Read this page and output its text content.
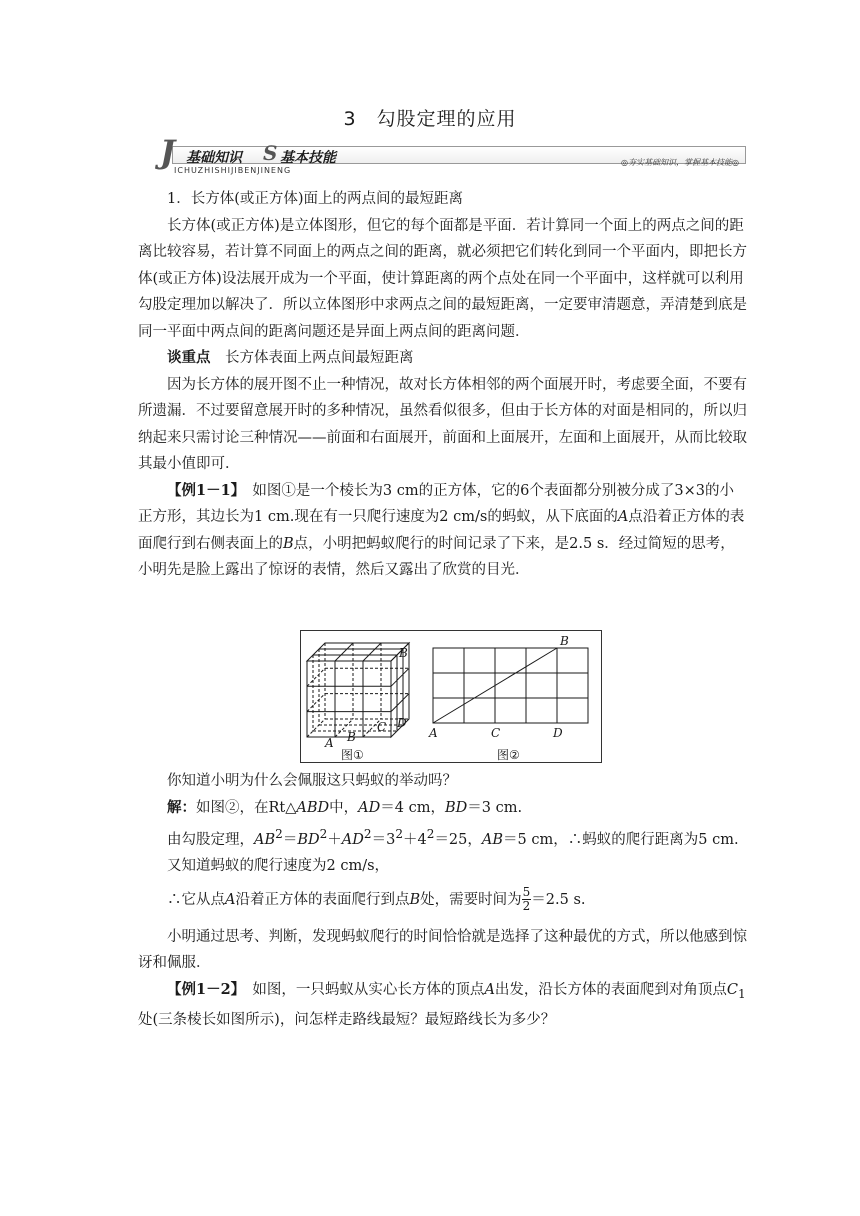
3　勾股定理的应用
◎夯实基础知识，掌握基本技能◎
J 基础知识 S 基本技能
ICHUZHISHIJIBENJINENG

1．长方体(或正方体)面上的两点间的最短距离

长方体(或正方体)是立体图形，但它的每个面都是平面．若计算同一个面上的两点之间的距离比较容易，若计算不同面上的两点之间的距离，就必须把它们转化到同一个平面内，即把长方体(或正方体)设法展开成为一个平面，使计算距离的两个点处在同一个平面中，这样就可以利用勾股定理加以解决了．所以立体图形中求两点之间的最短距离，一定要审清题意，弄清楚到底是同一平面中两点间的距离问题还是异面上两点间的距离问题．

谈重点　长方体表面上两点间最短距离

因为长方体的展开图不止一种情况，故对长方体相邻的两个面展开时，考虑要全面，不要有所遗漏．不过要留意展开时的多种情况，虽然看似很多，但由于长方体的对面是相同的，所以归纳起来只需讨论三种情况——前面和右面展开，前面和上面展开，左面和上面展开，从而比较取其最小值即可．

【例1－1】　如图①是一个棱长为3 cm的正方体，它的6个表面都分别被分成了3×3的小正方形，其边长为1 cm.现在有一只爬行速度为2 cm/s的蚂蚁，从下底面的A点沿着正方体的表面爬行到右侧表面上的B点，小明把蚂蚁爬行的时间记录了下来，是2.5 s．经过简短的思考，小明先是脸上露出了惊讶的表情，然后又露出了欣赏的目光．

A B
C D
B
图①
A	C	D
B
图②

你知道小明为什么会佩服这只蚂蚁的举动吗？

解：如图②，在Rt△ABD中，AD＝4 cm，BD＝3 cm.

由勾股定理，$AB^2=BD^2+AD^2=3^2+4^2=25$，AB＝5 cm，∴蚂蚁的爬行距离为5 cm.

又知道蚂蚁的爬行速度为2 cm/s，

∴它从点A沿着正方体的表面爬行到点B处，需要时间为 $\frac{5}{2} =2.5$ s.

小明通过思考、判断，发现蚂蚁爬行的时间恰恰就是选择了这种最优的方式，所以他感到惊讶和佩服．

【例1－2】　如图，一只蚂蚁从实心长方体的顶点A出发，沿长方体的表面爬到对角顶点$C_1$处(三条棱长如图所示)，问怎样走路线最短？最短路线长为多少？
